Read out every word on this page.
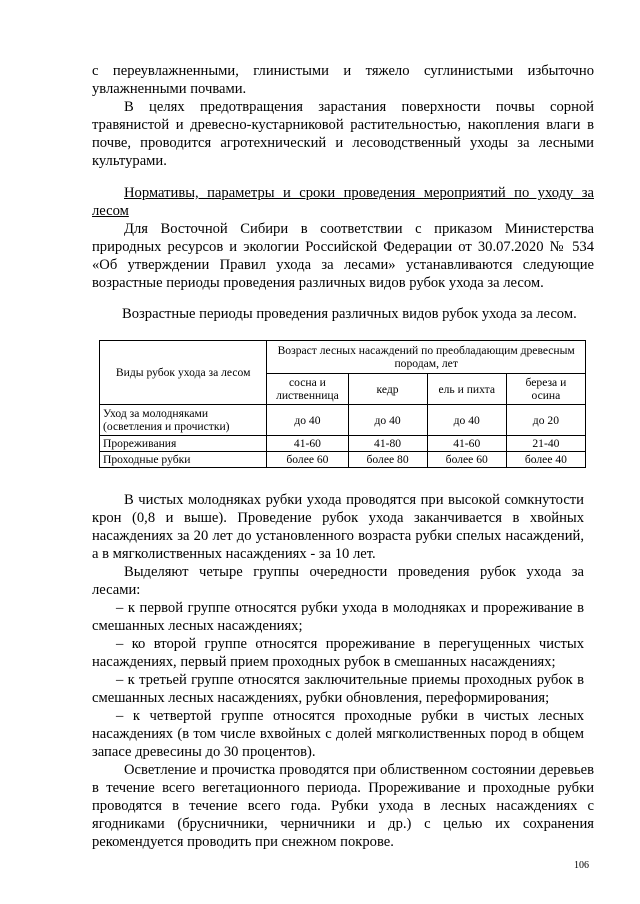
с переувлажненными, глинистыми и тяжело суглинистыми избыточно увлажненными почвами.

В целях предотвращения зарастания поверхности почвы сорной травянистой и древесно-кустарниковой растительностью, накопления влаги в почве, проводится агротехнический и лесоводственный уходы за лесными культурами.

Нормативы, параметры и сроки проведения мероприятий по уходу за лесом

Для Восточной Сибири в соответствии с приказом Министерства природных ресурсов и экологии Российской Федерации от 30.07.2020 № 534 «Об утверждении Правил ухода за лесами» устанавливаются следующие возрастные периоды проведения различных видов рубок ухода за лесом.

Возрастные периоды проведения различных видов рубок ухода за лесом.

Виды рубок ухода за лесом	Возраст лесных насаждений по преобладающим древесным породам, лет			
	сосна и лиственница	кедр	ель и пихта	береза и осина
Уход за молодняками (осветления и прочистки)	до 40	до 40	до 40	до 20
Прореживания	41-60	41-80	41-60	21-40
Проходные рубки	более 60	более 80	более 60	более 40

В чистых молодняках рубки ухода проводятся при высокой сомкнутости крон (0,8 и выше). Проведение рубок ухода заканчивается в хвойных насаждениях за 20 лет до установленного возраста рубки спелых насаждений, а в мягколиственных насаждениях - за 10 лет.

Выделяют четыре группы очередности проведения рубок ухода за лесами:

– к первой группе относятся рубки ухода в молодняках и прореживание в смешанных лесных насаждениях;

– ко второй группе относятся прореживание в перегущенных чистых насаждениях, первый прием проходных рубок в смешанных насаждениях;

– к третьей группе относятся заключительные приемы проходных рубок в смешанных лесных насаждениях, рубки обновления, переформирования;

– к четвертой группе относятся проходные рубки в чистых лесных насаждениях (в том числе вхвойных с долей мягколиственных пород в общем запасе древесины до 30 процентов).

Осветление и прочистка проводятся при облиственном состоянии деревьев в течение всего вегетационного периода. Прореживание и проходные рубки проводятся в течение всего года. Рубки ухода в лесных насаждениях с ягодниками (брусничники, черничники и др.) с целью их сохранения рекомендуется проводить при снежном покрове.

106
